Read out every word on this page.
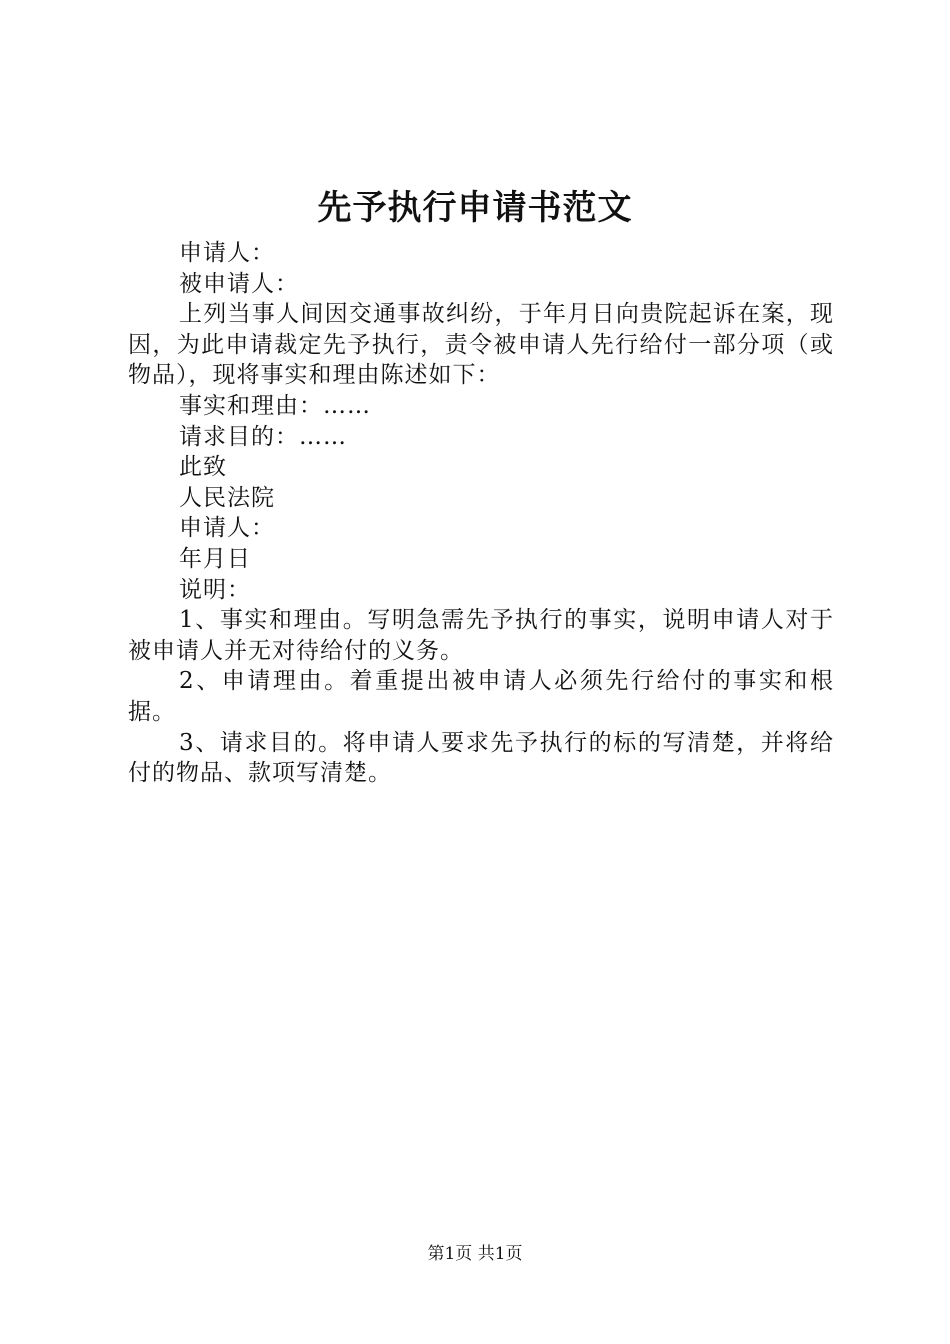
先予执行申请书范文

申请人：

被申请人：

上列当事人间因交通事故纠纷，于年月日向贵院起诉在案，现因，为此申请裁定先予执行，责令被申请人先行给付一部分项（或物品），现将事实和理由陈述如下：

事实和理由：……

请求目的：……

此致

人民法院

申请人：

年月日

说明：

1、事实和理由。写明急需先予执行的事实，说明申请人对于被申请人并无对待给付的义务。

2、申请理由。着重提出被申请人必须先行给付的事实和根据。

3、请求目的。将申请人要求先予执行的标的写清楚，并将给付的物品、款项写清楚。

第1页 共1页
